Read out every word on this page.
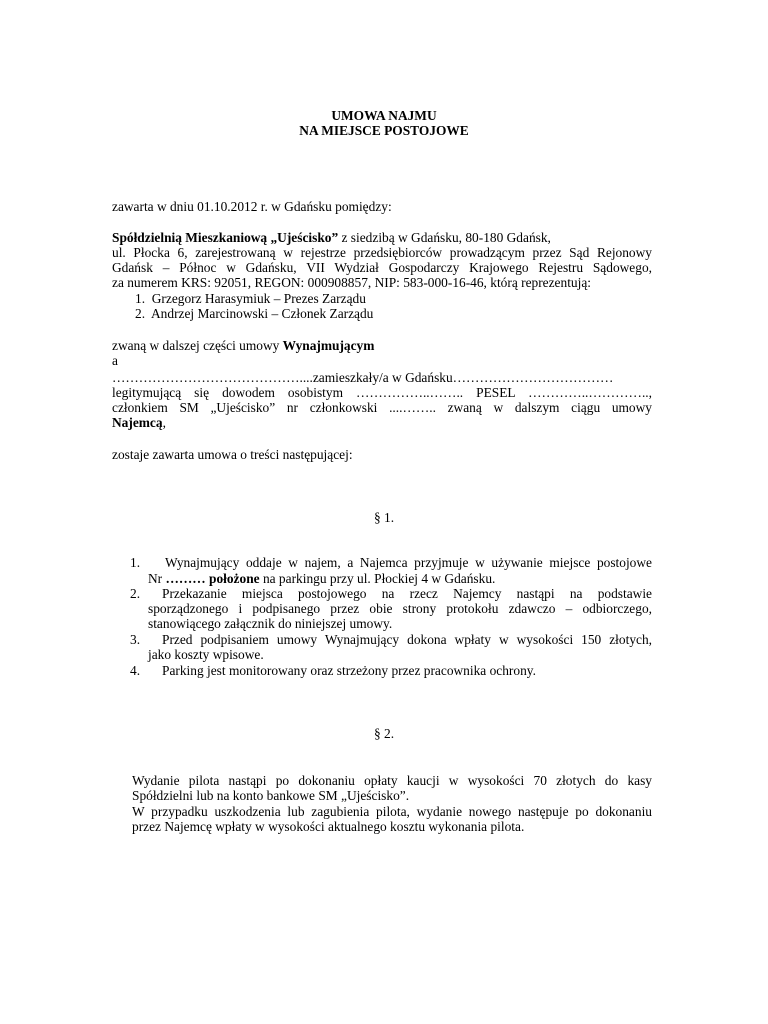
UMOWA NAJMU
NA MIEJSCE POSTOJOWE
zawarta w dniu 01.10.2012 r. w Gdańsku pomiędzy:
Spółdzielnią Mieszkaniową „Ujeścisko” z siedzibą w Gdańsku, 80-180 Gdańsk,
ul. Płocka 6, zarejestrowaną w rejestrze przedsiębiorców prowadzącym przez Sąd Rejonowy
Gdańsk – Północ w Gdańsku, VII Wydział Gospodarczy Krajowego Rejestru Sądowego,
za numerem KRS: 92051, REGON: 000908857, NIP: 583-000-16-46, którą reprezentują:
1. Grzegorz Harasymiuk – Prezes Zarządu
2. Andrzej Marcinowski – Członek Zarządu
zwaną w dalszej części umowy Wynajmującym
a
……………………………………....zamieszkały/a w Gdańsku………………………………
legitymującą się dowodem osobistym ……………..…….. PESEL …………..…………..,
członkiem SM „Ujeścisko” nr członkowski ....…….. zwaną w dalszym ciągu umowy
Najemcą,
zostaje zawarta umowa o treści następującej:
§ 1.
1. Wynajmujący oddaje w najem, a Najemca przyjmuje w używanie miejsce postojowe
Nr ……… położone na parkingu przy ul. Płockiej 4 w Gdańsku.
2. Przekazanie miejsca postojowego na rzecz Najemcy nastąpi na podstawie
sporządzonego i podpisanego przez obie strony protokołu zdawczo – odbiorczego,
stanowiącego załącznik do niniejszej umowy.
3. Przed podpisaniem umowy Wynajmujący dokona wpłaty w wysokości 150 złotych,
jako koszty wpisowe.
4. Parking jest monitorowany oraz strzeżony przez pracownika ochrony.
§ 2.
Wydanie pilota nastąpi po dokonaniu opłaty kaucji w wysokości 70 złotych do kasy
Spółdzielni lub na konto bankowe SM „Ujeścisko”.
W przypadku uszkodzenia lub zagubienia pilota, wydanie nowego następuje po dokonaniu
przez Najemcę wpłaty w wysokości aktualnego kosztu wykonania pilota.
